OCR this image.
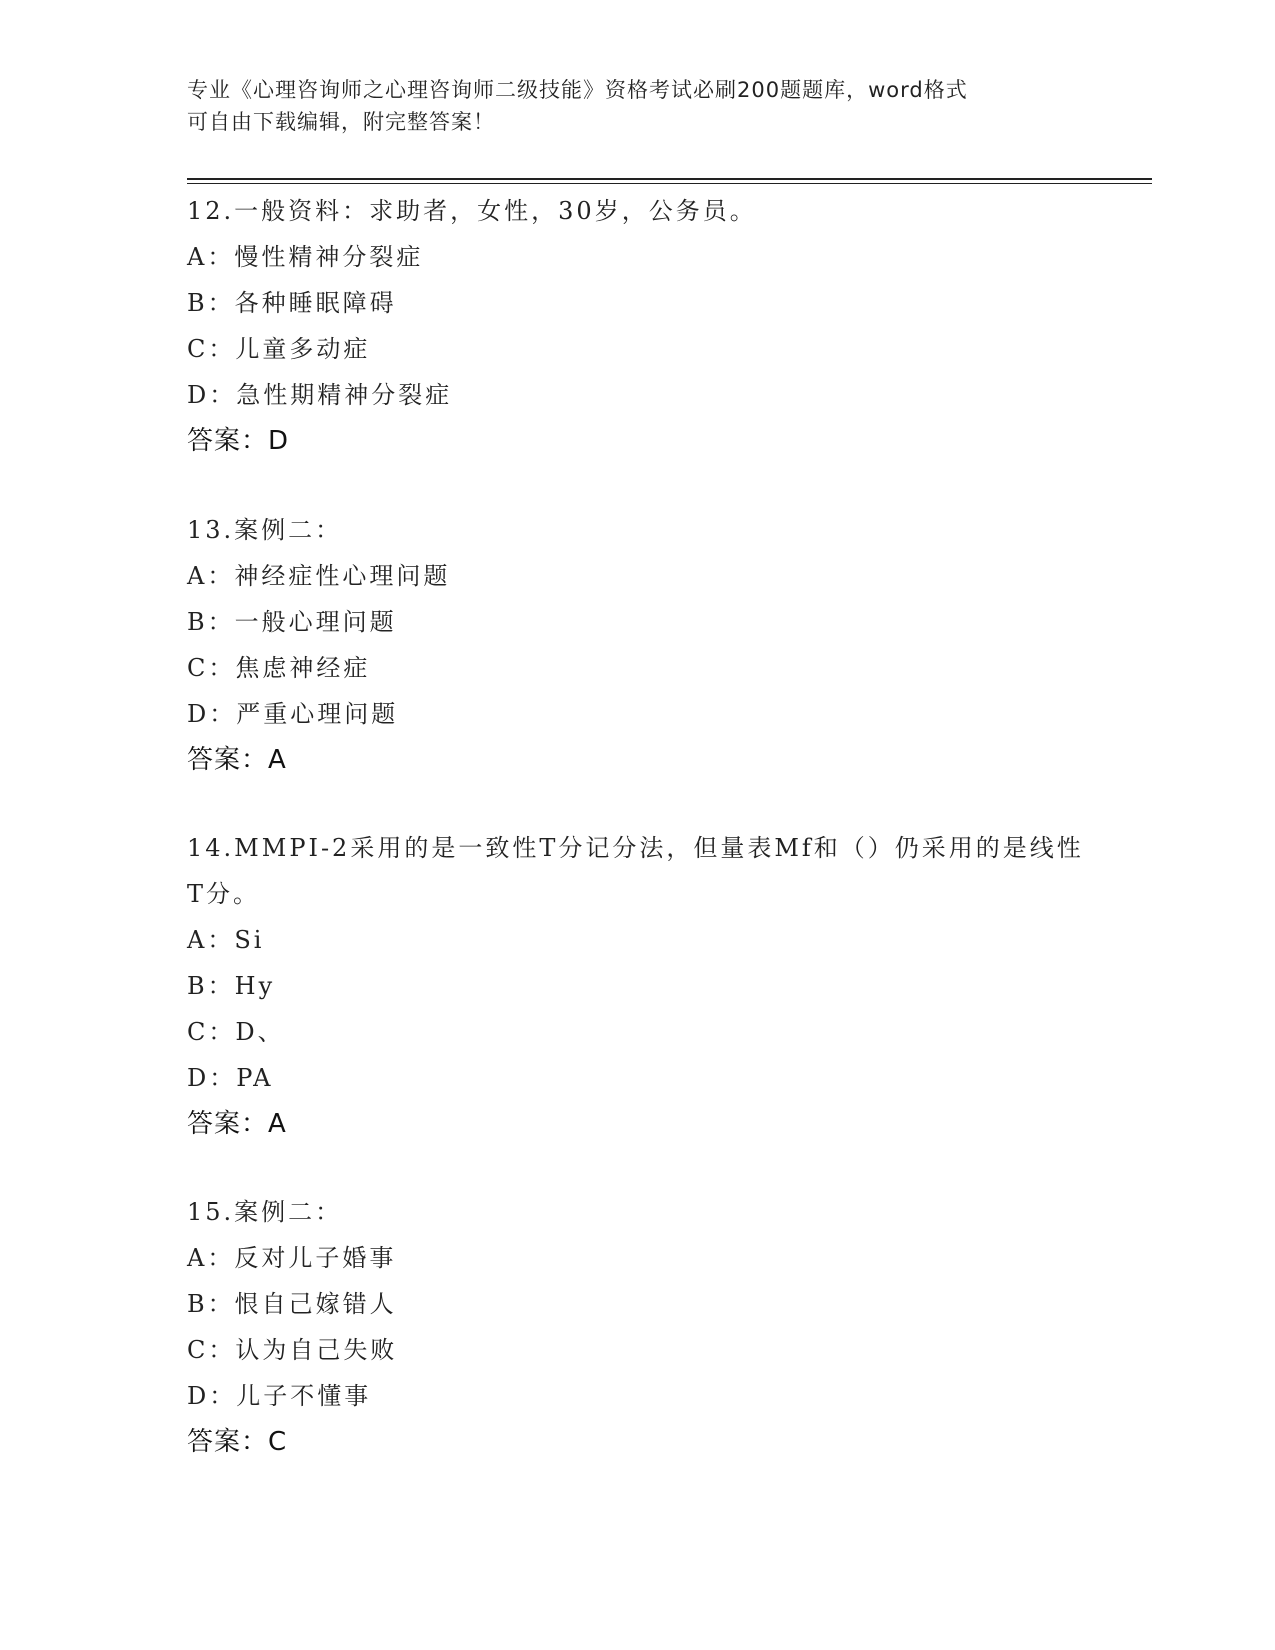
专业《心理咨询师之心理咨询师二级技能》资格考试必刷200题题库，word格式
可自由下载编辑，附完整答案！
12.一般资料：求助者，女性，30岁，公务员。
A：慢性精神分裂症
B：各种睡眠障碍
C：儿童多动症
D：急性期精神分裂症
答案：D
13.案例二：
A：神经症性心理问题
B：一般心理问题
C：焦虑神经症
D：严重心理问题
答案：A
14.MMPI-2采用的是一致性T分记分法，但量表Mf和（）仍采用的是线性T分。
A：Si
B：Hy
C：D、
D：PA
答案：A
15.案例二：
A：反对儿子婚事
B：恨自己嫁错人
C：认为自己失败
D：儿子不懂事
答案：C
